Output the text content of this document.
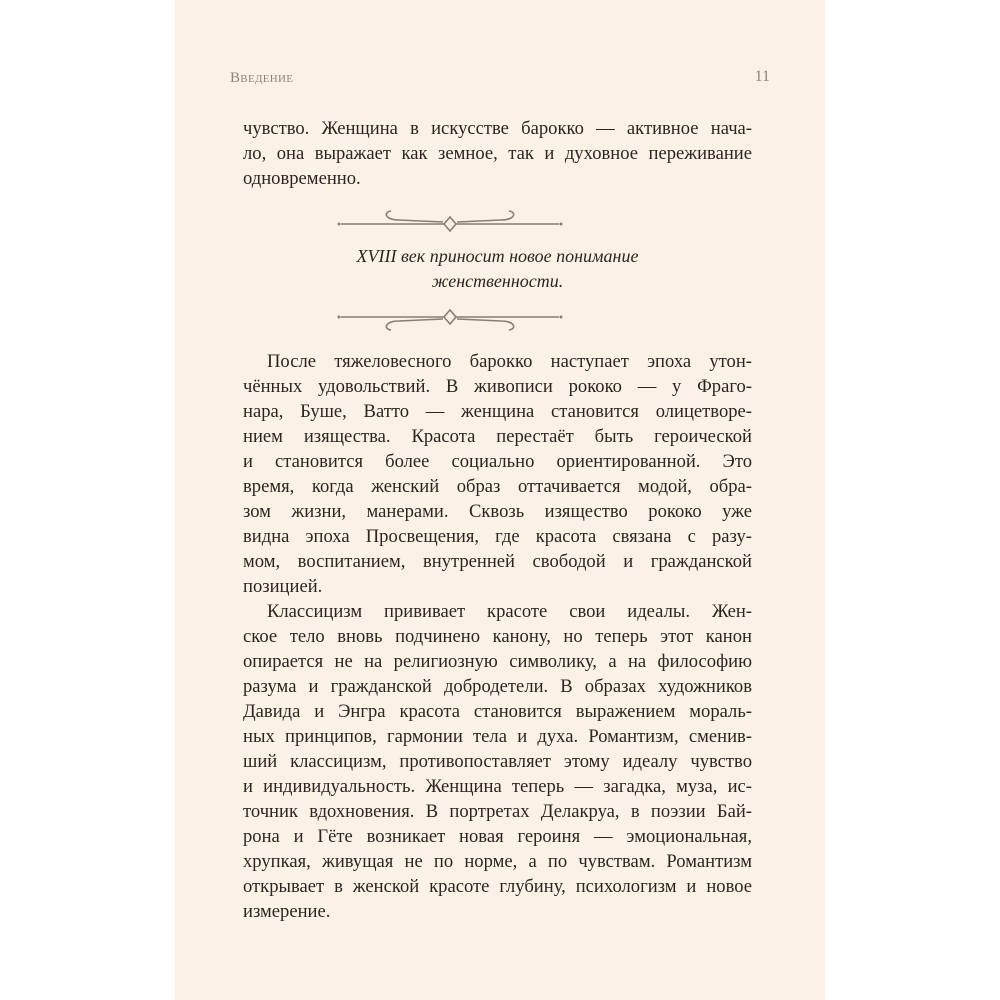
Введение	11
чувство. Женщина в искусстве барокко — активное нача-
ло, она выражает как земное, так и духовное переживание
одновременно.
XVIII век приносит новое понимание
женственности.
После тяжеловесного барокко наступает эпоха утон-
чённых удовольствий. В живописи рококо — у Фраго-
нара, Буше, Ватто — женщина становится олицетворе-
нием изящества. Красота перестаёт быть героической
и становится более социально ориентированной. Это
время, когда женский образ оттачивается модой, обра-
зом жизни, манерами. Сквозь изящество рококо уже
видна эпоха Просвещения, где красота связана с разу-
мом, воспитанием, внутренней свободой и гражданской
позицией.
Классицизм прививает красоте свои идеалы. Жен-
ское тело вновь подчинено канону, но теперь этот канон
опирается не на религиозную символику, а на философию
разума и гражданской добродетели. В образах художников
Давида и Энгра красота становится выражением мораль-
ных принципов, гармонии тела и духа. Романтизм, сменив-
ший классицизм, противопоставляет этому идеалу чувство
и индивидуальность. Женщина теперь — загадка, муза, ис-
точник вдохновения. В портретах Делакруа, в поэзии Бай-
рона и Гёте возникает новая героиня — эмоциональная,
хрупкая, живущая не по норме, а по чувствам. Романтизм
открывает в женской красоте глубину, психологизм и новое
измерение.
